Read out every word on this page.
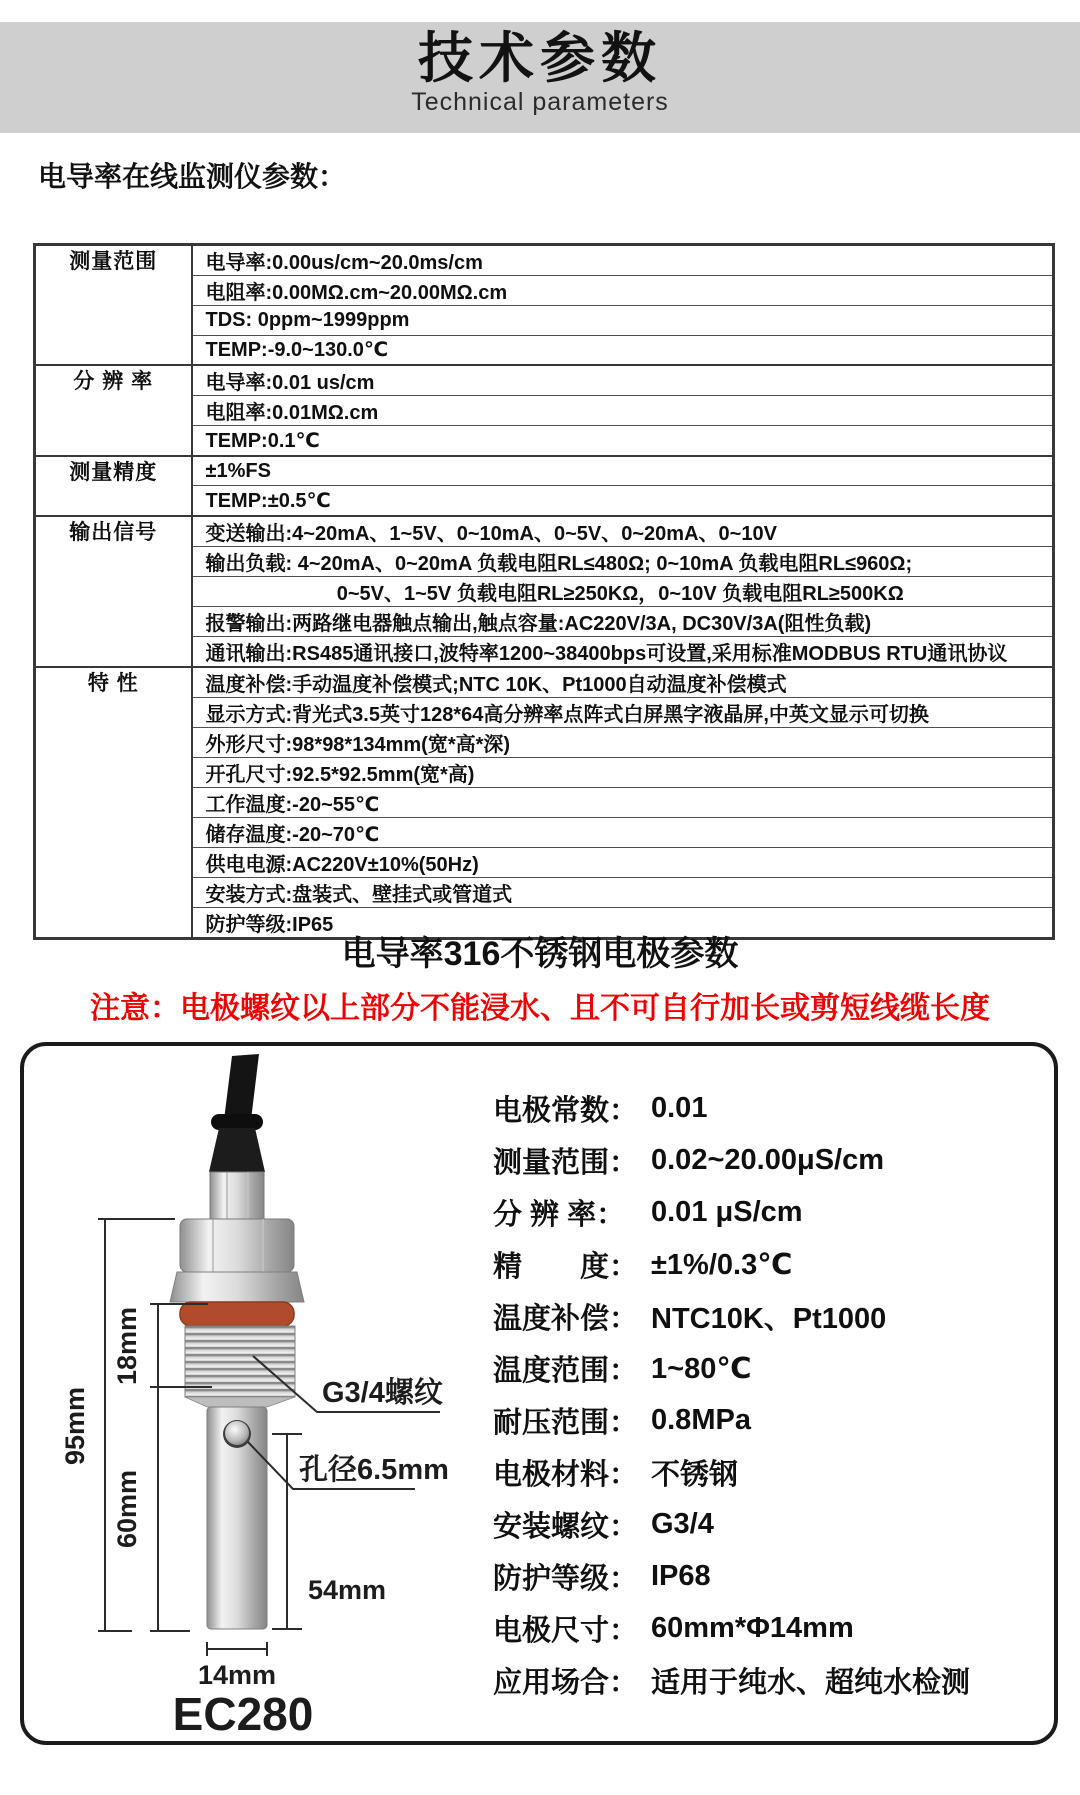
技术参数
Technical parameters
电导率在线监测仪参数：
测量范围	电导率:0.00us/cm~20.0ms/cm
	电阻率:0.00MΩ.cm~20.00MΩ.cm
	TDS: 0ppm~1999ppm
	TEMP:-9.0~130.0℃

分 辨 率	电导率:0.01 us/cm
	电阻率:0.01MΩ.cm
	TEMP:0.1℃

测量精度	±1%FS
	TEMP:±0.5℃

输出信号	变送输出:4~20mA、1~5V、0~10mA、0~5V、0~20mA、0~10V
	输出负载: 4~20mA、0~20mA 负载电阻RL≤480Ω; 0~10mA 负载电阻RL≤960Ω;
	0~5V、1~5V 负载电阻RL≥250KΩ，0~10V 负载电阻RL≥500KΩ
	报警输出:两路继电器触点输出,触点容量:AC220V/3A, DC30V/3A(阻性负载)
	通讯输出:RS485通讯接口,波特率1200~38400bps可设置,采用标准MODBUS RTU通讯协议

特 性	温度补偿:手动温度补偿模式;NTC 10K、Pt1000自动温度补偿模式
	显示方式:背光式3.5英寸128*64高分辨率点阵式白屏黑字液晶屏,中英文显示可切换
	外形尺寸:98*98*134mm(宽*高*深)
	开孔尺寸:92.5*92.5mm(宽*高)
	工作温度:-20~55℃
	储存温度:-20~70℃
	供电电源:AC220V±10%(50Hz)
	安装方式:盘装式、壁挂式或管道式
	防护等级:IP65
电导率316不锈钢电极参数
注意：电极螺纹以上部分不能浸水、且不可自行加长或剪短线缆长度
95mm
18mm
60mm
54mm
14mm
G3/4螺纹
孔径6.5mm
EC280
电极常数： 0.01
测量范围： 0.02~20.00μS/cm
分 辨 率： 0.01 μS/cm
精　　度： ±1%/0.3℃
温度补偿： NTC10K、Pt1000
温度范围： 1~80℃
耐压范围： 0.8MPa
电极材料： 不锈钢
安装螺纹： G3/4
防护等级： IP68
电极尺寸： 60mm*Φ14mm
应用场合： 适用于纯水、超纯水检测
